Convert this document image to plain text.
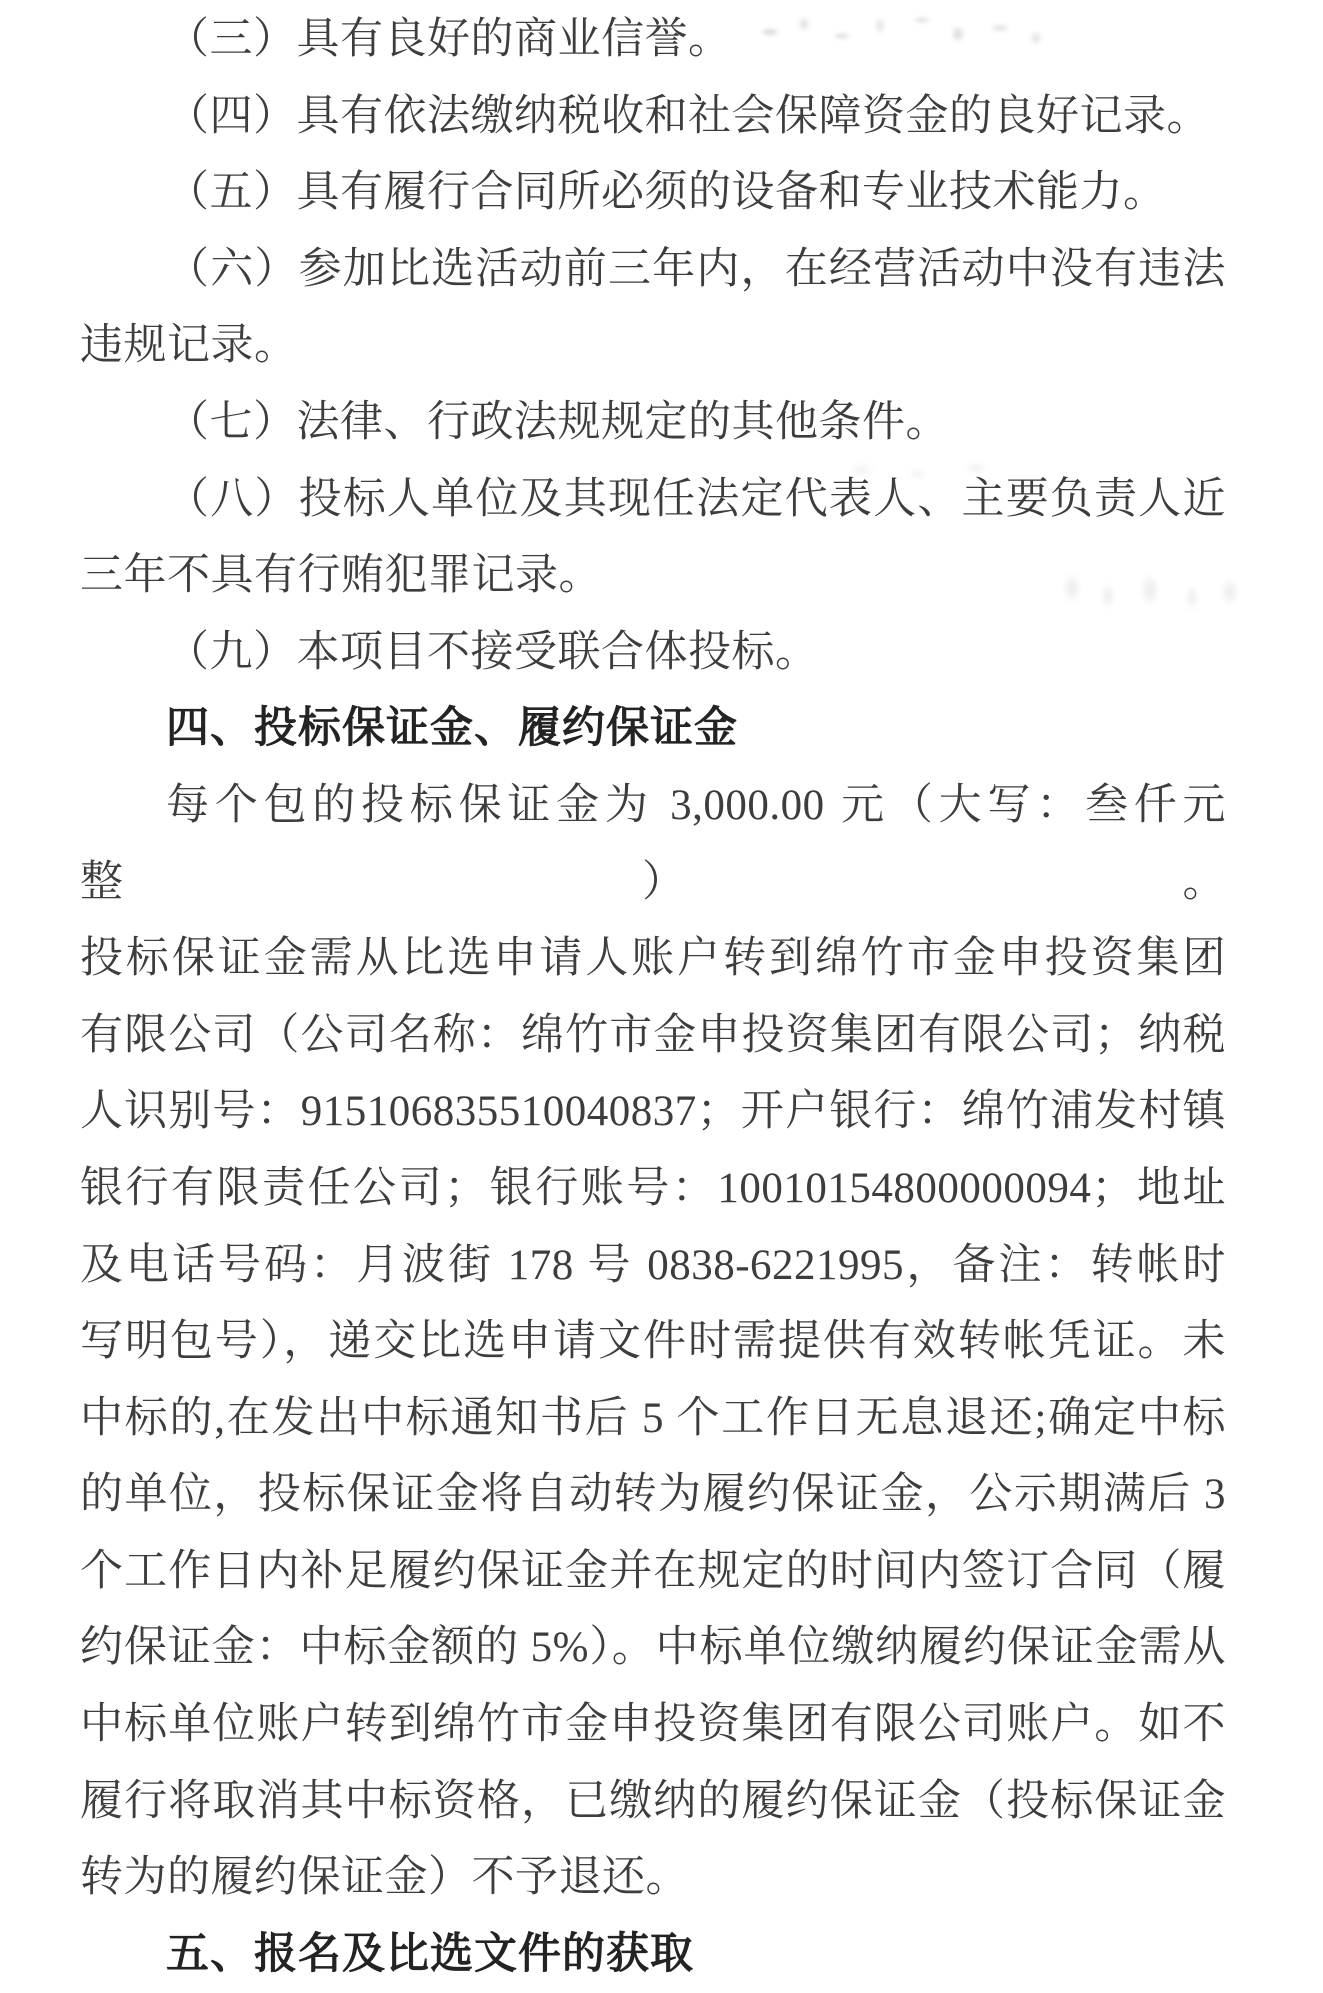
（三）具有良好的商业信誉。
（四）具有依法缴纳税收和社会保障资金的良好记录。
（五）具有履行合同所必须的设备和专业技术能力。
（六）参加比选活动前三年内，在经营活动中没有违法
违规记录。
（七）法律、行政法规规定的其他条件。
（八）投标人单位及其现任法定代表人、主要负责人近
三年不具有行贿犯罪记录。
（九）本项目不接受联合体投标。
四、投标保证金、履约保证金
每个包的投标保证金为 3,000.00 元（大写：叁仟元整）。
投标保证金需从比选申请人账户转到绵竹市金申投资集团
有限公司（公司名称：绵竹市金申投资集团有限公司；纳税
人识别号：915106835510040837；开户银行：绵竹浦发村镇
银行有限责任公司；银行账号：10010154800000094；地址
及电话号码：月波街 178 号 0838-6221995，备注：转帐时
写明包号），递交比选申请文件时需提供有效转帐凭证。未
中标的,在发出中标通知书后 5 个工作日无息退还;确定中标
的单位，投标保证金将自动转为履约保证金，公示期满后 3
个工作日内补足履约保证金并在规定的时间内签订合同（履
约保证金：中标金额的 5%）。中标单位缴纳履约保证金需从
中标单位账户转到绵竹市金申投资集团有限公司账户。如不
履行将取消其中标资格，已缴纳的履约保证金（投标保证金
转为的履约保证金）不予退还。
五、报名及比选文件的获取
